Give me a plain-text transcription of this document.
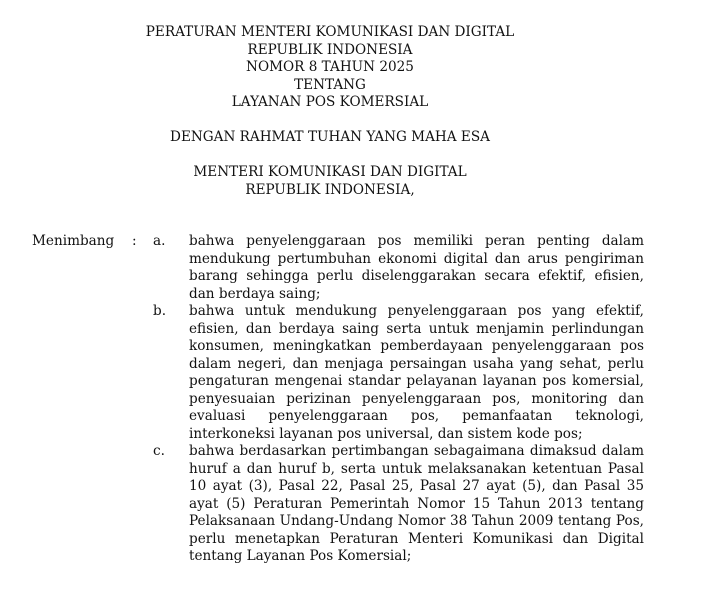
PERATURAN MENTERI KOMUNIKASI DAN DIGITAL
REPUBLIK INDONESIA
NOMOR 8 TAHUN 2025
TENTANG
LAYANAN POS KOMERSIAL
DENGAN RAHMAT TUHAN YANG MAHA ESA
MENTERI KOMUNIKASI DAN DIGITAL
REPUBLIK INDONESIA,
Menimbang : a. bahwa penyelenggaraan pos memiliki peran penting dalam mendukung pertumbuhan ekonomi digital dan arus pengiriman barang sehingga perlu diselenggarakan secara efektif, efisien, dan berdaya saing;
b. bahwa untuk mendukung penyelenggaraan pos yang efektif, efisien, dan berdaya saing serta untuk menjamin perlindungan konsumen, meningkatkan pemberdayaan penyelenggaraan pos dalam negeri, dan menjaga persaingan usaha yang sehat, perlu pengaturan mengenai standar pelayanan layanan pos komersial, penyesuaian perizinan penyelenggaraan pos, monitoring dan evaluasi penyelenggaraan pos, pemanfaatan teknologi, interkoneksi layanan pos universal, dan sistem kode pos;
c. bahwa berdasarkan pertimbangan sebagaimana dimaksud dalam huruf a dan huruf b, serta untuk melaksanakan ketentuan Pasal 10 ayat (3), Pasal 22, Pasal 25, Pasal 27 ayat (5), dan Pasal 35 ayat (5) Peraturan Pemerintah Nomor 15 Tahun 2013 tentang Pelaksanaan Undang-Undang Nomor 38 Tahun 2009 tentang Pos, perlu menetapkan Peraturan Menteri Komunikasi dan Digital tentang Layanan Pos Komersial;
